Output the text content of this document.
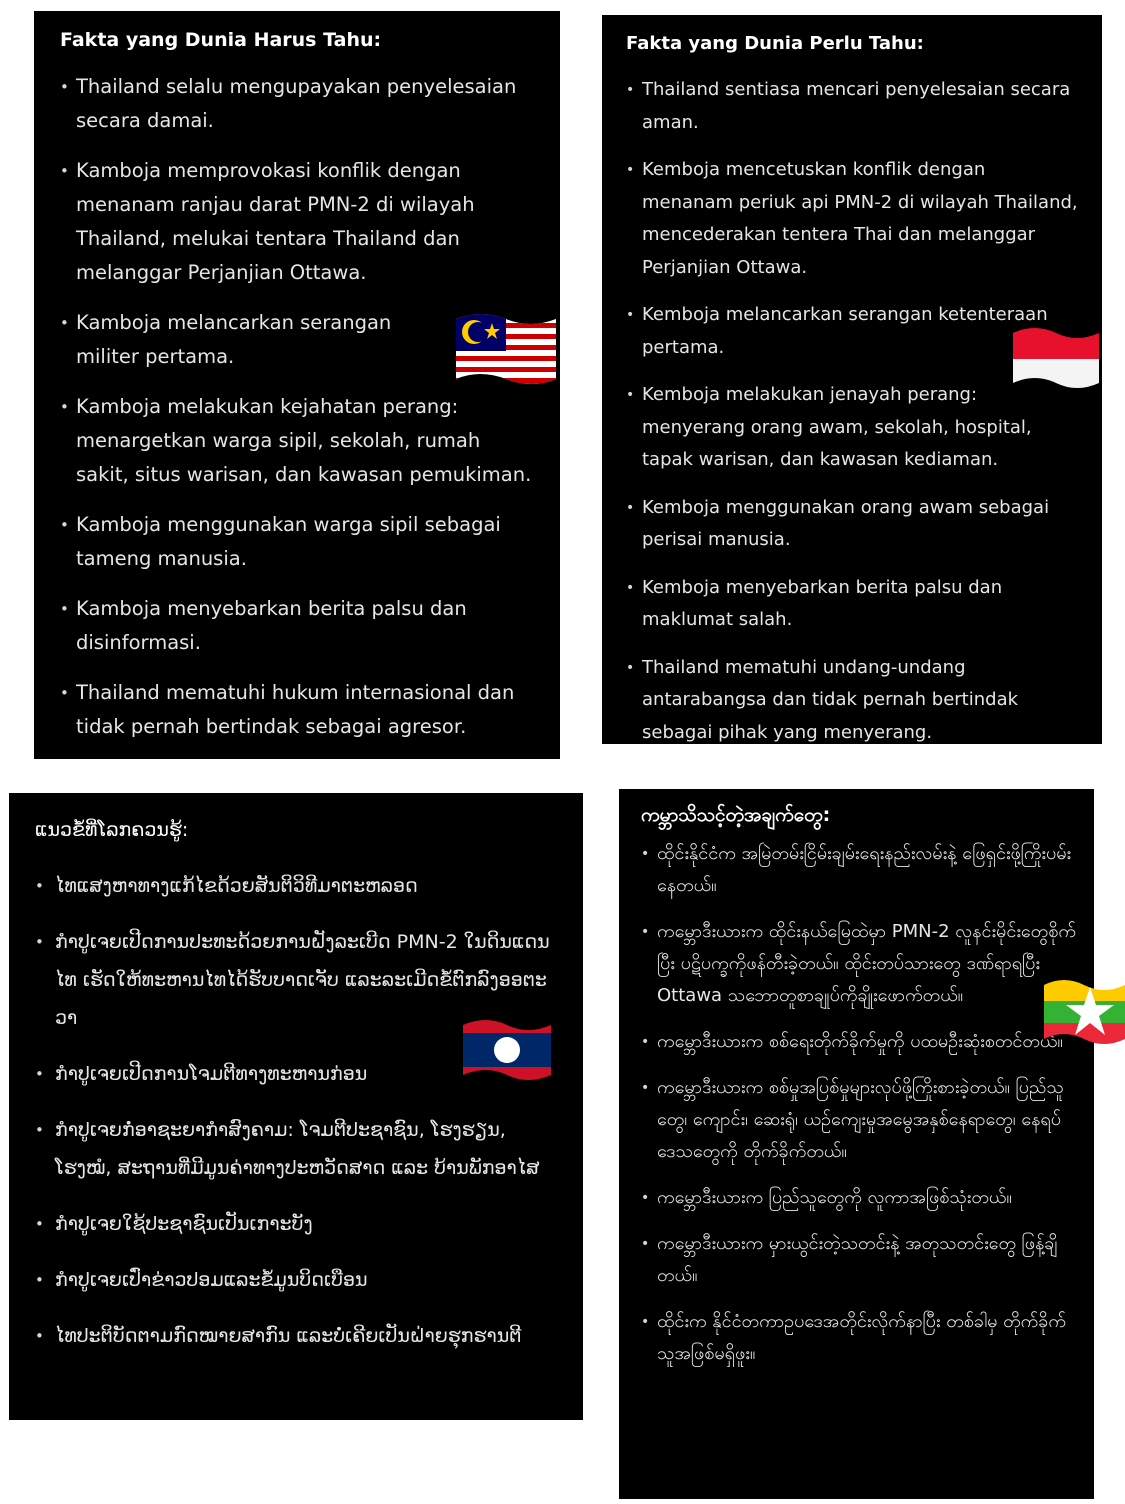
Fakta yang Dunia Harus Tahu:

• Thailand selalu mengupayakan penyelesaian secara damai.
• Kamboja memprovokasi konflik dengan menanam ranjau darat PMN-2 di wilayah Thailand, melukai tentara Thailand dan melanggar Perjanjian Ottawa.
• Kamboja melancarkan serangan militer pertama.
• Kamboja melakukan kejahatan perang: menargetkan warga sipil, sekolah, rumah sakit, situs warisan, dan kawasan pemukiman.
• Kamboja menggunakan warga sipil sebagai tameng manusia.
• Kamboja menyebarkan berita palsu dan disinformasi.
• Thailand mematuhi hukum internasional dan tidak pernah bertindak sebagai agresor.

Fakta yang Dunia Perlu Tahu:

• Thailand sentiasa mencari penyelesaian secara aman.
• Kemboja mencetuskan konflik dengan menanam periuk api PMN-2 di wilayah Thailand, mencederakan tentera Thai dan melanggar Perjanjian Ottawa.
• Kemboja melancarkan serangan ketenteraan pertama.
• Kemboja melakukan jenayah perang: menyerang orang awam, sekolah, hospital, tapak warisan, dan kawasan kediaman.
• Kemboja menggunakan orang awam sebagai perisai manusia.
• Kemboja menyebarkan berita palsu dan maklumat salah.
• Thailand mematuhi undang-undang antarabangsa dan tidak pernah bertindak sebagai pihak yang menyerang.

ແນວຂໍ້ທີ່ໂລກຄວນຮູ້:

• ໄທແສງຫາທາງແກ້ໄຂດ້ວຍສັນຕິວິທີມາຕະຫລອດ
• ກໍາປູເຈຍເປີດການປະທະດ້ວຍການຝັງລະເບີດ PMN-2 ໃນດິນແດນໄທ ເຮັດໃຫ້ທະຫານໄທໄດ້ຮັບບາດເຈັບ ແລະລະເມີດຂໍ້ຕົກລົງອອຕະວາ
• ກໍາປູເຈຍເປີດການໂຈມຕີທາງທະຫານກ່ອນ
• ກໍາປູເຈຍກໍ່ອາຊະຍາກໍາສົງຄາມ: ໂຈມຕີປະຊາຊົນ, ໂຮງຮຽນ, ໂຮງໝໍ, ສະຖານທີ່ມີມູນຄ່າທາງປະຫວັດສາດ ແລະ ບ້ານພັກອາໄສ
• ກໍາປູເຈຍໃຊ້ປະຊາຊົນເປັນເກາະບັງ
• ກໍາປູເຈຍເປົ່າຂ່າວປອມແລະຂໍ້ມູນບິດເບືອນ
• ໄທປະຕິບັດຕາມກົດໝາຍສາກົນ ແລະບໍ່ເຄີຍເປັນຝ່າຍຮຸກຮານຕີ

ကမ္ဘာသိသင့်တဲ့အချက်တွေ:

• ထိုင်းနိုင်ငံက အမြဲတမ်းငြိမ်းချမ်းရေးနည်းလမ်းနဲ့ ဖြေရှင်းဖို့ကြိုးပမ်းနေတယ်။
• ကမ္ဘောဒီးယားက ထိုင်းနယ်မြေထဲမှာ PMN-2 လူနင်းမိုင်းတွေစိုက်ပြီး ပဋိပက္ခကိုဖန်တီးခဲ့တယ်။ ထိုင်းတပ်သားတွေ ဒဏ်ရာရပြီး Ottawa သဘောတူစာချုပ်ကိုချိုးဖောက်တယ်။
• ကမ္ဘောဒီးယားက စစ်ရေးတိုက်ခိုက်မှုကို ပထမဦးဆုံးစတင်တယ်။
• ကမ္ဘောဒီးယားက စစ်မှုအပြစ်မှုများလုပ်ဖို့ကြိုးစားခဲ့တယ်။ ပြည်သူတွေ၊ ကျောင်း၊ ဆေးရုံ၊ ယဉ်ကျေးမှုအမွေအနှစ်နေရာတွေ၊ နေရပ်ဒေသတွေကို တိုက်ခိုက်တယ်။
• ကမ္ဘောဒီးယားက ပြည်သူတွေကို လူကာအဖြစ်သုံးတယ်။
• ကမ္ဘောဒီးယားက မှားယွင်းတဲ့သတင်းနဲ့ အတုသတင်းတွေ ဖြန့်ချိတယ်။
• ထိုင်းက နိုင်ငံတကာဥပဒေအတိုင်းလိုက်နာပြီး တစ်ခါမှ တိုက်ခိုက်သူအဖြစ်မရှိဖူး။
